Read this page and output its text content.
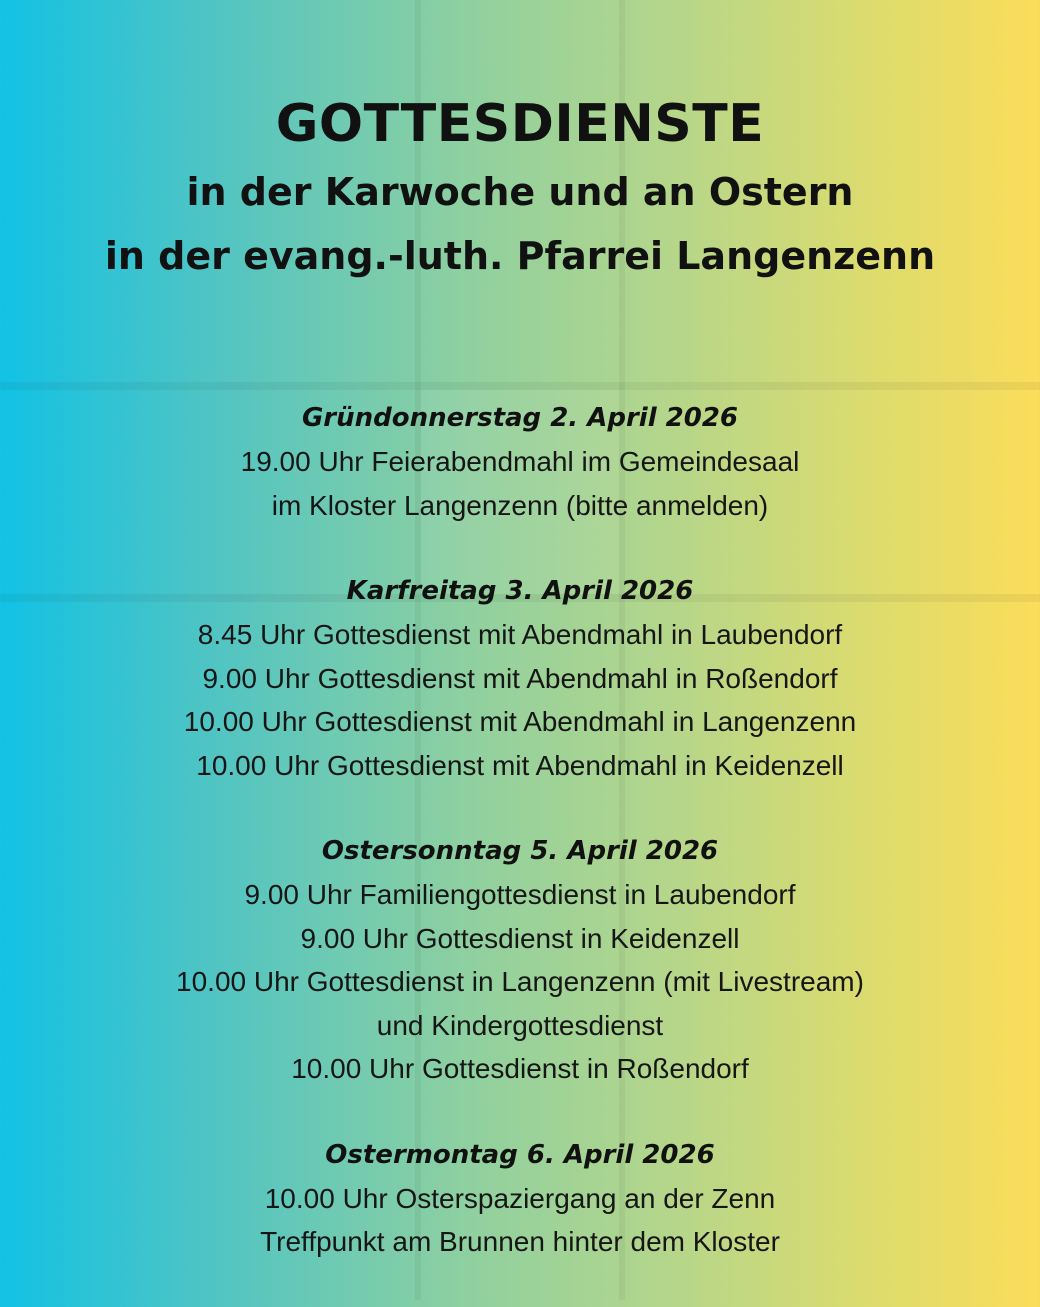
GOTTESDIENSTE

in der Karwoche und an Ostern

in der evang.-luth. Pfarrei Langenzenn

Gründonnerstag 2. April 2026

19.00 Uhr Feierabendmahl im Gemeindesaal

im Kloster Langenzenn (bitte anmelden)

Karfreitag 3. April 2026

8.45 Uhr Gottesdienst mit Abendmahl in Laubendorf

9.00 Uhr Gottesdienst mit Abendmahl in Roßendorf

10.00 Uhr Gottesdienst mit Abendmahl in Langenzenn

10.00 Uhr Gottesdienst mit Abendmahl in Keidenzell

Ostersonntag 5. April 2026

9.00 Uhr Familiengottesdienst in Laubendorf

9.00 Uhr Gottesdienst in Keidenzell

10.00 Uhr Gottesdienst in Langenzenn (mit Livestream)

und Kindergottesdienst

10.00 Uhr Gottesdienst in Roßendorf

Ostermontag 6. April 2026

10.00 Uhr Osterspaziergang an der Zenn

Treffpunkt am Brunnen hinter dem Kloster
